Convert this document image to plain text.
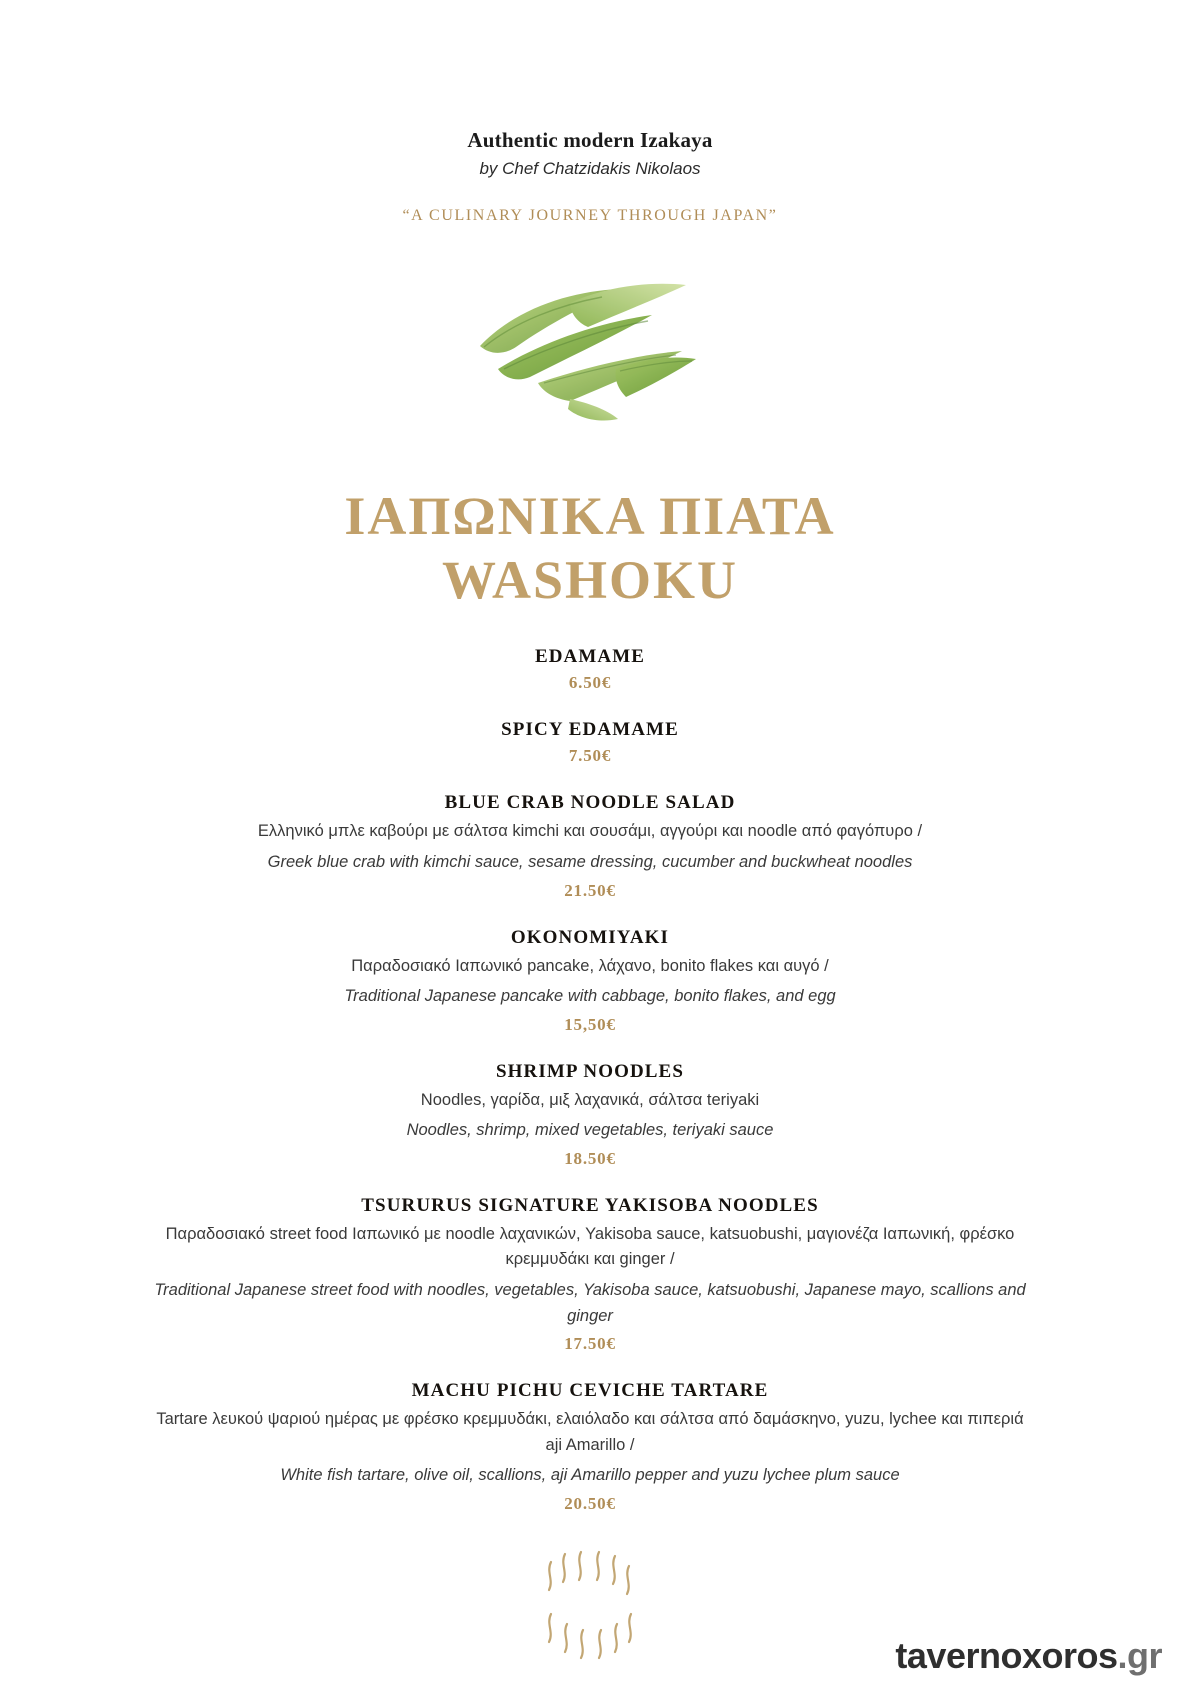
Authentic modern Izakaya
by Chef Chatzidakis Nikolaos
“A CULINARY JOURNEY THROUGH JAPAN”
ΙΑΠΩΝΙΚΑ ΠΙΑΤΑ
WASHOKU
EDAMAME
6.50€
SPICY EDAMAME
7.50€
BLUE CRAB NOODLE SALAD
Ελληνικό μπλε καβούρι με σάλτσα kimchi και σουσάμι, αγγούρι και noodle από φαγόπυρο /
Greek blue crab with kimchi sauce, sesame dressing, cucumber and buckwheat noodles
21.50€
OKONOMIYAKI
Παραδοσιακό Ιαπωνικό pancake, λάχανο, bonito flakes και αυγό /
Traditional Japanese pancake with cabbage, bonito flakes, and egg
15,50€
SHRIMP NOODLES
Noodles, γαρίδα, μιξ λαχανικά, σάλτσα teriyaki
Noodles, shrimp, mixed vegetables, teriyaki sauce
18.50€
TSURURUS SIGNATURE YAKISOBA NOODLES
Παραδοσιακό street food Ιαπωνικό με noodle λαχανικών, Yakisoba sauce, katsuobushi, μαγιονέζα Ιαπωνική, φρέσκο κρεμμυδάκι και ginger /
Traditional Japanese street food with noodles, vegetables, Yakisoba sauce, katsuobushi, Japanese mayo, scallions and ginger
17.50€
MACHU PICHU CEVICHE TARTARE
Tartare λευκού ψαριού ημέρας με φρέσκο κρεμμυδάκι, ελαιόλαδο και σάλτσα από δαμάσκηνο, yuzu, lychee και πιπεριά aji Amarillo /
White fish tartare, olive oil, scallions, aji Amarillo pepper and yuzu lychee plum sauce
20.50€
tavernoxoros.gr
